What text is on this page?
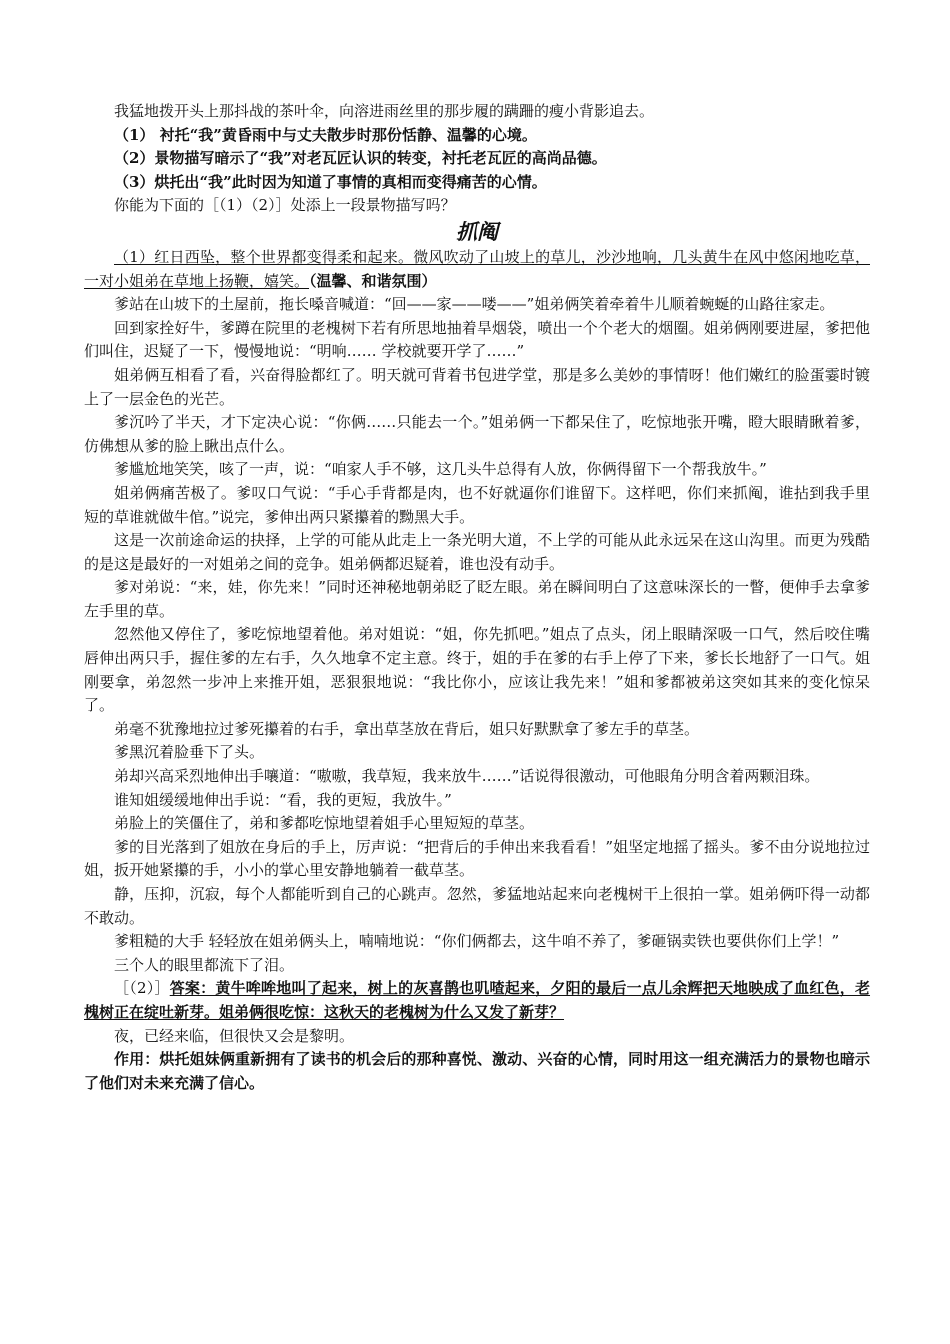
我猛地拨开头上那抖战的茶叶伞，向溶进雨丝里的那步履的蹒跚的瘦小背影追去。

（1） 衬托“我”黄昏雨中与丈夫散步时那份恬静、温馨的心境。

（2）景物描写暗示了“我”对老瓦匠认识的转变，衬托老瓦匠的高尚品德。

（3）烘托出“我”此时因为知道了事情的真相而变得痛苦的心情。

你能为下面的［（1）（2）］处添上一段景物描写吗？

抓阄

（1）红日西坠，整个世界都变得柔和起来。微风吹动了山坡上的草儿，沙沙地响，几头黄牛在风中悠闲地吃草，一对小姐弟在草地上扬鞭，嬉笑。（温馨、和谐氛围）

爹站在山坡下的土屋前，拖长嗓音喊道：“回——家——喽——”姐弟俩笑着牵着牛儿顺着蜿蜒的山路往家走。

回到家拴好牛，爹蹲在院里的老槐树下若有所思地抽着旱烟袋，喷出一个个老大的烟圈。姐弟俩刚要进屋，爹把他们叫住，迟疑了一下，慢慢地说：“明响…… 学校就要开学了……”

姐弟俩互相看了看，兴奋得脸都红了。明天就可背着书包进学堂，那是多么美妙的事情呀！他们嫩红的脸蛋霎时镀上了一层金色的光芒。

爹沉吟了半天，才下定决心说：“你俩……只能去一个。”姐弟俩一下都呆住了，吃惊地张开嘴，瞪大眼睛瞅着爹，仿佛想从爹的脸上瞅出点什么。

爹尴尬地笑笑，咳了一声，说：“咱家人手不够，这几头牛总得有人放，你俩得留下一个帮我放牛。”

姐弟俩痛苦极了。爹叹口气说：“手心手背都是肉，也不好就逼你们谁留下。这样吧，你们来抓阄，谁拈到我手里短的草谁就做牛倌。”说完，爹伸出两只紧攥着的黝黑大手。

这是一次前途命运的抉择，上学的可能从此走上一条光明大道，不上学的可能从此永远呆在这山沟里。而更为残酷的是这是最好的一对姐弟之间的竞争。姐弟俩都迟疑着，谁也没有动手。

爹对弟说：“来，娃，你先来！”同时还神秘地朝弟眨了眨左眼。弟在瞬间明白了这意味深长的一瞥，便伸手去拿爹左手里的草。

忽然他又停住了，爹吃惊地望着他。弟对姐说：“姐，你先抓吧。”姐点了点头，闭上眼睛深吸一口气，然后咬住嘴唇伸出两只手，握住爹的左右手，久久地拿不定主意。终于，姐的手在爹的右手上停了下来，爹长长地舒了一口气。姐刚要拿，弟忽然一步冲上来推开姐，恶狠狠地说：“我比你小，应该让我先来！”姐和爹都被弟这突如其来的变化惊呆了。

弟毫不犹豫地拉过爹死攥着的右手，拿出草茎放在背后，姐只好默默拿了爹左手的草茎。

爹黑沉着脸垂下了头。

弟却兴高采烈地伸出手嚷道：“嗷嗷，我草短，我来放牛……”话说得很激动，可他眼角分明含着两颗泪珠。

谁知姐缓缓地伸出手说：“看，我的更短，我放牛。”

弟脸上的笑僵住了，弟和爹都吃惊地望着姐手心里短短的草茎。

爹的目光落到了姐放在身后的手上，厉声说：“把背后的手伸出来我看看！”姐坚定地摇了摇头。爹不由分说地拉过姐，扳开她紧攥的手，小小的掌心里安静地躺着一截草茎。

静，压抑，沉寂，每个人都能听到自己的心跳声。忽然，爹猛地站起来向老槐树干上很拍一掌。姐弟俩吓得一动都不敢动。

爹粗糙的大手 轻轻放在姐弟俩头上，喃喃地说：“你们俩都去，这牛咱不养了，爹砸锅卖铁也要供你们上学！”

三个人的眼里都流下了泪。

［（2）］答案：黄牛哞哞地叫了起来，树上的灰喜鹊也叽喳起来，夕阳的最后一点儿余辉把天地映成了血红色，老槐树正在绽吐新芽。姐弟俩很吃惊：这秋天的老槐树为什么又发了新芽？

夜，已经来临，但很快又会是黎明。

作用：烘托姐妹俩重新拥有了读书的机会后的那种喜悦、激动、兴奋的心情，同时用这一组充满活力的景物也暗示了他们对未来充满了信心。
